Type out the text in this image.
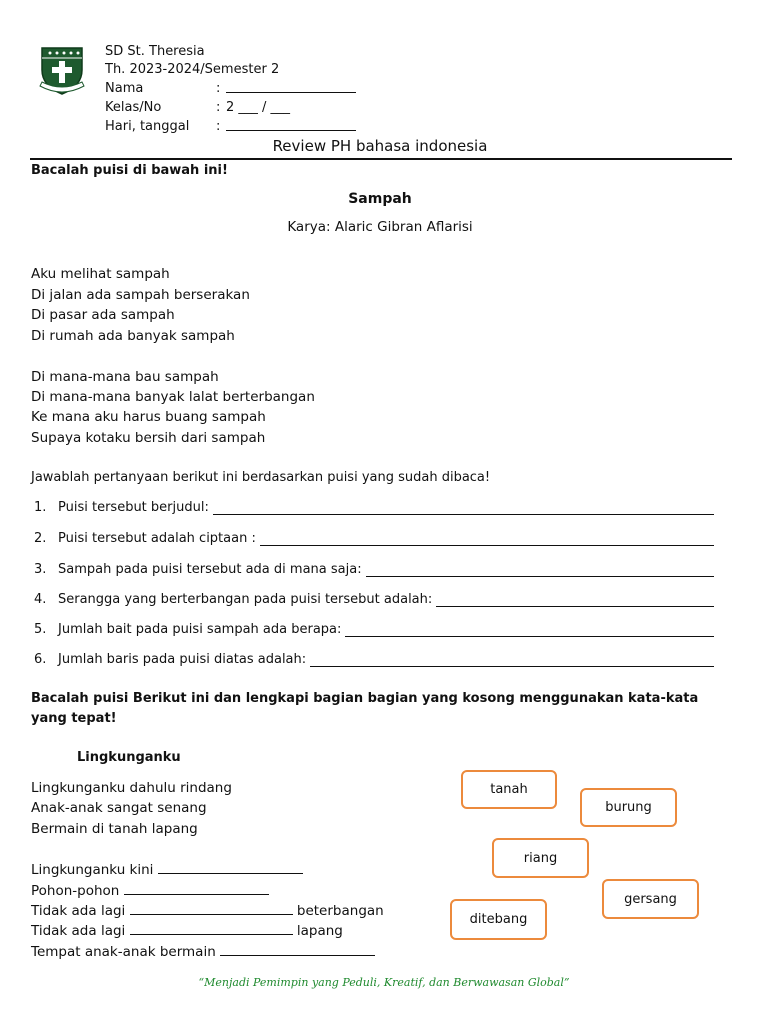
SD St. Theresia
Th. 2023-2024/Semester 2
Nama	:
Kelas/No	: 2 ___ / ___
Hari, tanggal :
Review PH bahasa indonesia
Bacalah puisi di bawah ini!
Sampah
Karya: Alaric Gibran Aflarisi
Aku melihat sampah
Di jalan ada sampah berserakan
Di pasar ada sampah
Di rumah ada banyak sampah
Di mana-mana bau sampah
Di mana-mana banyak lalat berterbangan
Ke mana aku harus buang sampah
Supaya kotaku bersih dari sampah
Jawablah pertanyaan berikut ini berdasarkan puisi yang sudah dibaca!
1. Puisi tersebut berjudul:
2. Puisi tersebut adalah ciptaan :
3. Sampah pada puisi tersebut ada di mana saja:
4. Serangga yang berterbangan pada puisi tersebut adalah:
5. Jumlah bait pada puisi sampah ada berapa:
6. Jumlah baris pada puisi diatas adalah:
Bacalah puisi Berikut ini dan lengkapi bagian bagian yang kosong menggunakan kata-kata yang tepat!
Lingkunganku
Lingkunganku dahulu rindang
Anak-anak sangat senang
Bermain di tanah lapang
Lingkunganku kini
Pohon-pohon
Tidak ada lagi	beterbangan
Tidak ada lagi	lapang
Tempat anak-anak bermain
tanah
burung
riang
gersang
ditebang
“Menjadi Pemimpin yang Peduli, Kreatif, dan Berwawasan Global”
